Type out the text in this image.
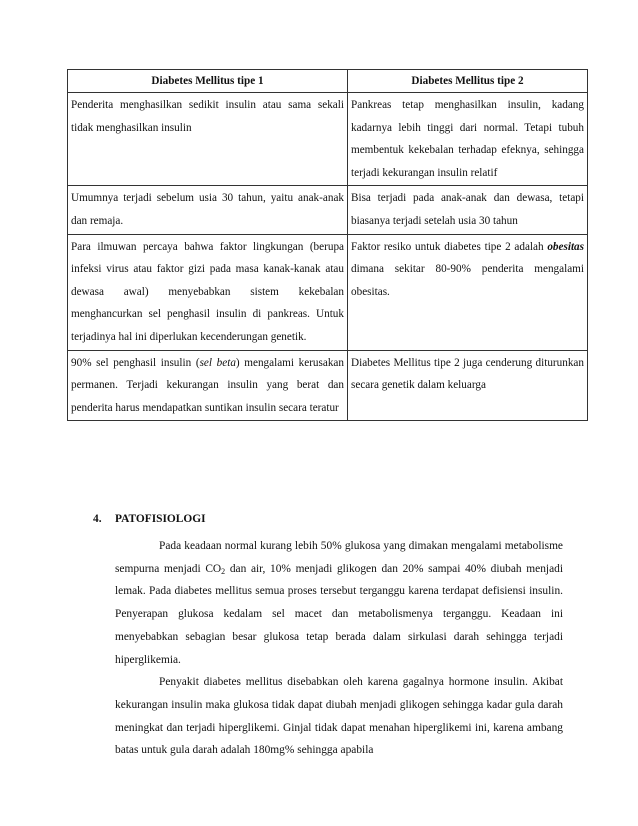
Diabetes Mellitus tipe 1	Diabetes Mellitus tipe 2
Penderita menghasilkan sedikit insulin atau sama sekali tidak menghasilkan insulin	Pankreas tetap menghasilkan insulin, kadang kadarnya lebih tinggi dari normal. Tetapi tubuh membentuk kekebalan terhadap efeknya, sehingga terjadi kekurangan insulin relatif
Umumnya terjadi sebelum usia 30 tahun, yaitu anak-anak dan remaja.	Bisa terjadi pada anak-anak dan dewasa, tetapi biasanya terjadi setelah usia 30 tahun
Para ilmuwan percaya bahwa faktor lingkungan (berupa infeksi virus atau faktor gizi pada masa kanak-kanak atau dewasa awal) menyebabkan sistem kekebalan menghancurkan sel penghasil insulin di pankreas. Untuk terjadinya hal ini diperlukan kecenderungan genetik.	Faktor resiko untuk diabetes tipe 2 adalah obesitas dimana sekitar 80-90% penderita mengalami obesitas.
90% sel penghasil insulin (sel beta) mengalami kerusakan permanen. Terjadi kekurangan insulin yang berat dan penderita harus mendapatkan suntikan insulin secara teratur	Diabetes Mellitus tipe 2 juga cenderung diturunkan secara genetik dalam keluarga
4. PATOFISIOLOGI

Pada keadaan normal kurang lebih 50% glukosa yang dimakan mengalami metabolisme sempurna menjadi $CO_2$ dan air, 10% menjadi glikogen dan 20% sampai 40% diubah menjadi lemak. Pada diabetes mellitus semua proses tersebut terganggu karena terdapat defisiensi insulin. Penyerapan glukosa kedalam sel macet dan metabolismenya terganggu. Keadaan ini menyebabkan sebagian besar glukosa tetap berada dalam sirkulasi darah sehingga terjadi hiperglikemia.

Penyakit diabetes mellitus disebabkan oleh karena gagalnya hormone insulin. Akibat kekurangan insulin maka glukosa tidak dapat diubah menjadi glikogen sehingga kadar gula darah meningkat dan terjadi hiperglikemi. Ginjal tidak dapat menahan hiperglikemi ini, karena ambang batas untuk gula darah adalah 180mg% sehingga apabila
